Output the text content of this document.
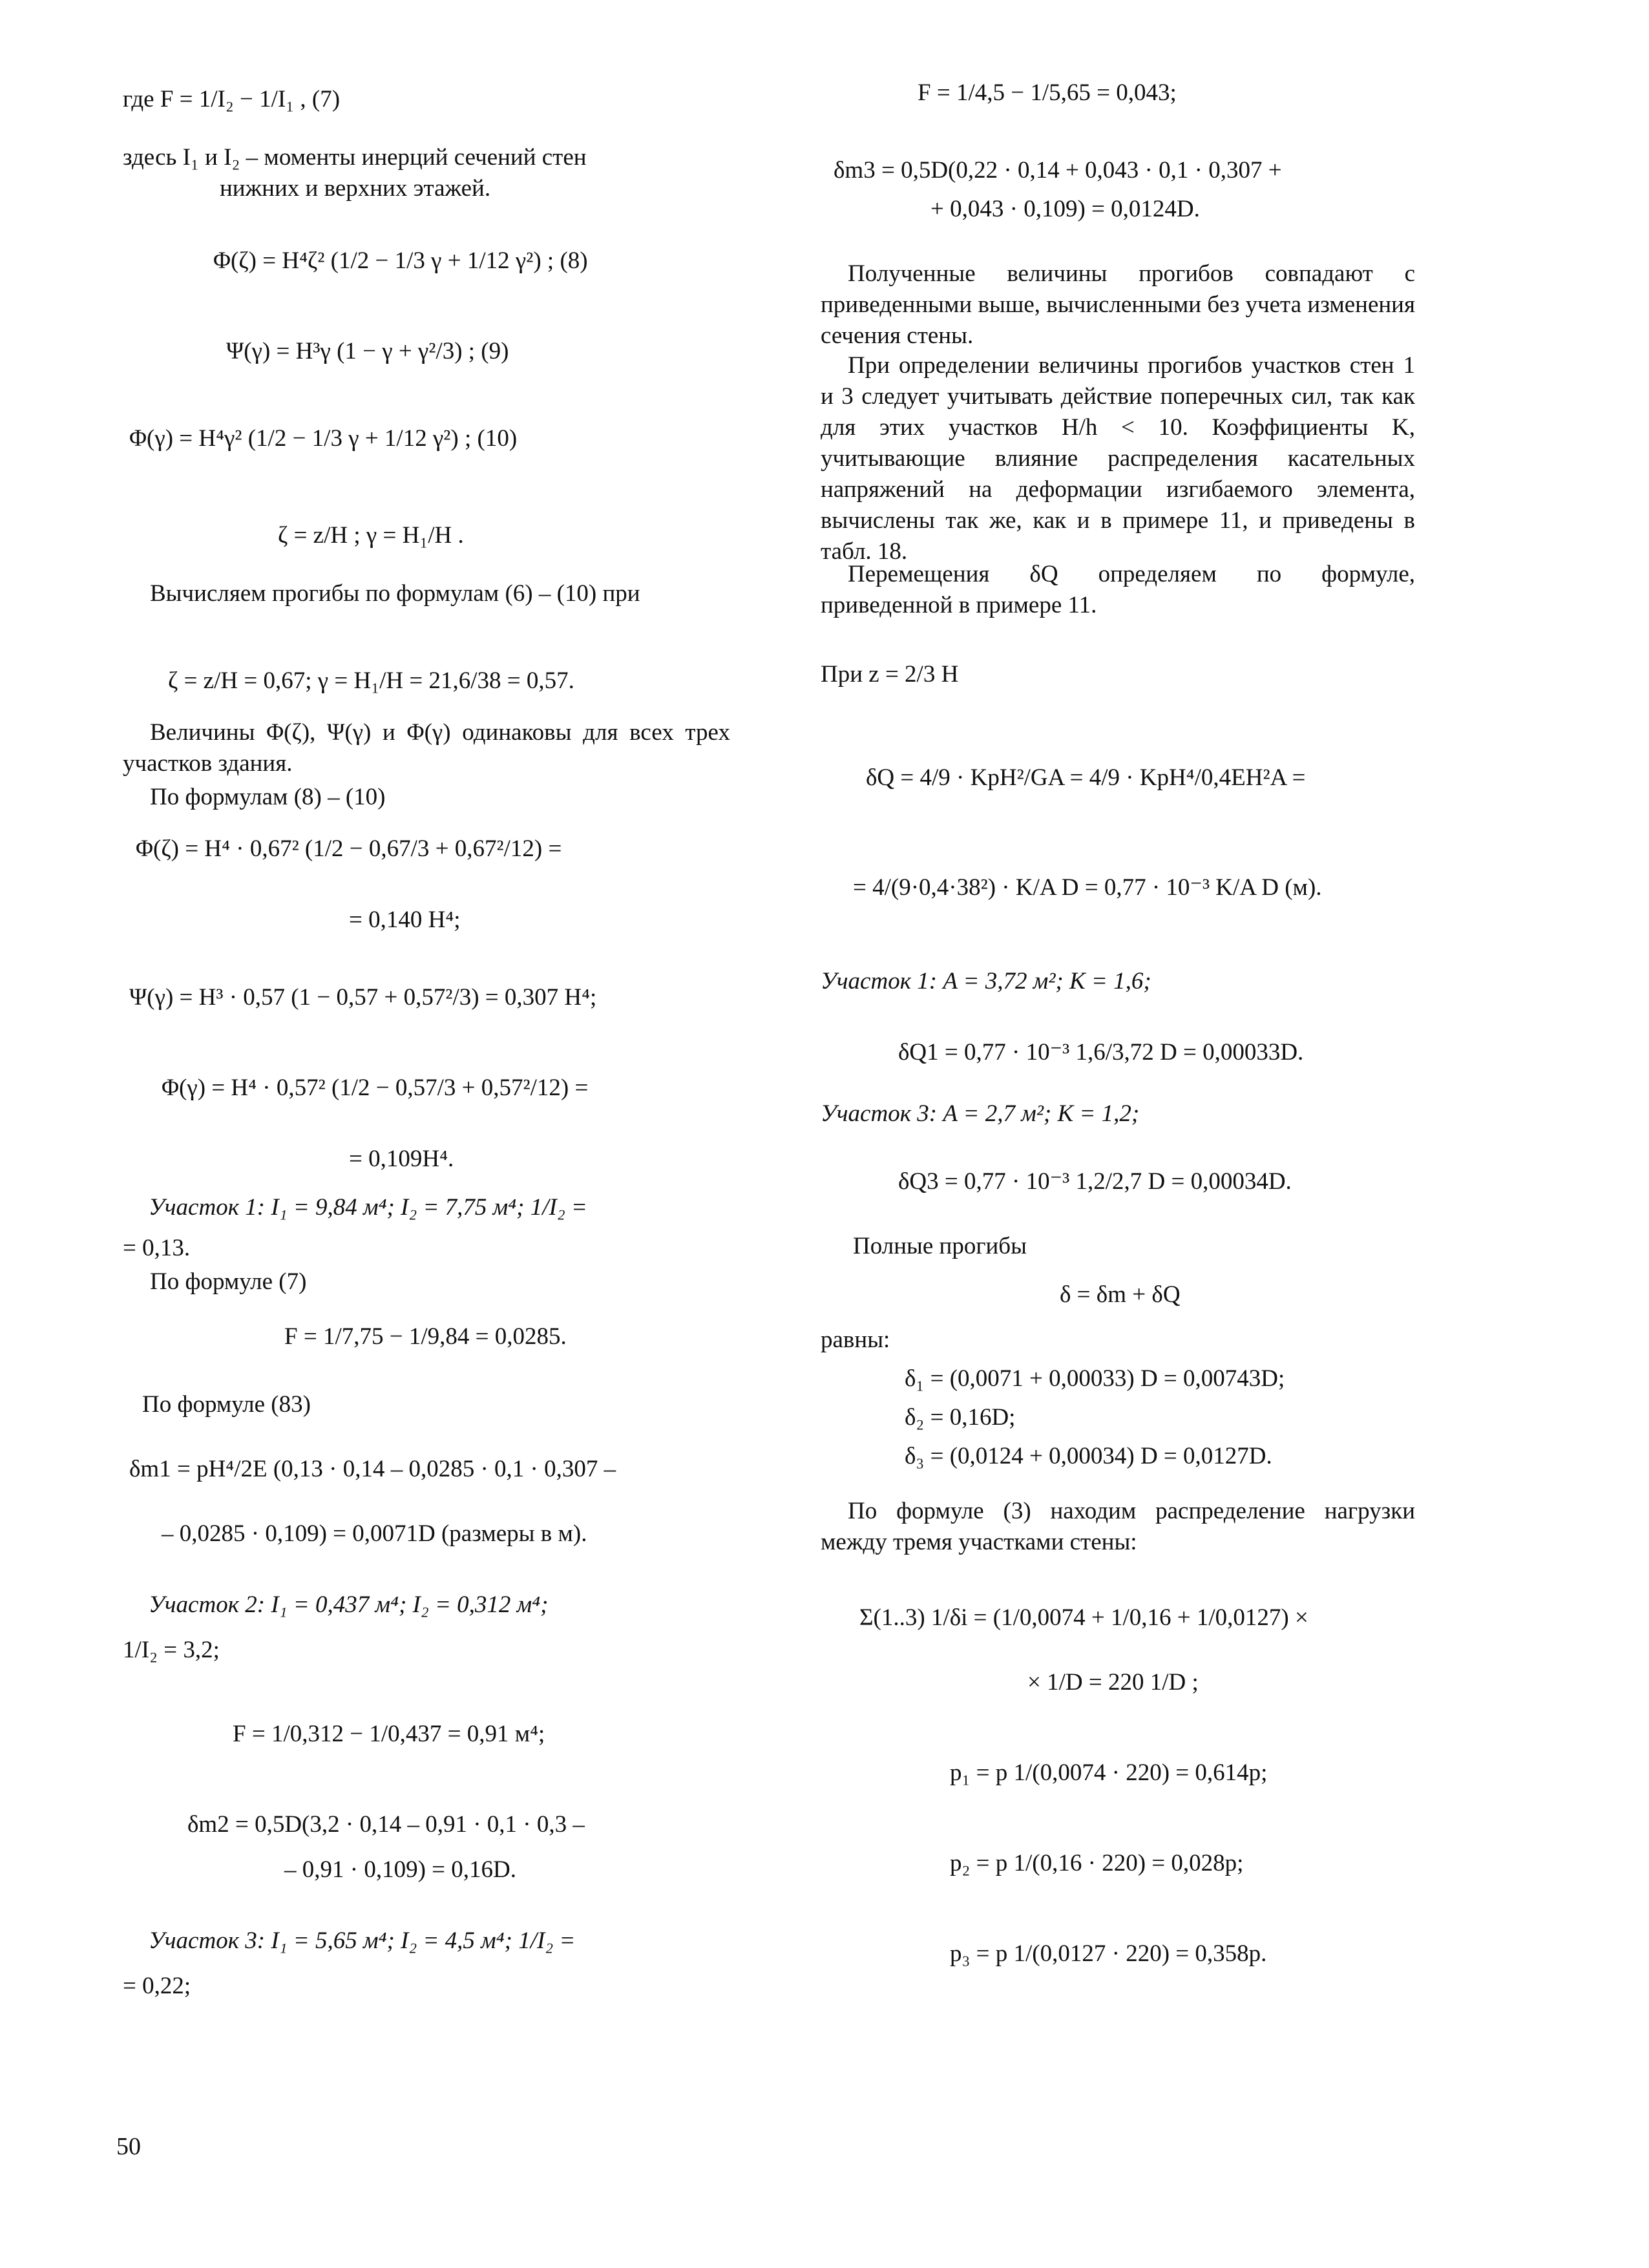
где F = 1/I₂ − 1/I₁ , (7)
здесь I₁ и I₂ – моменты инерций сечений стен
нижних и верхних этажей.
Φ(ζ) = H⁴ζ² (1/2 − 1/3 γ + 1/12 γ²) ; (8)
Ψ(γ) = H³γ (1 − γ + γ²/3) ; (9)
Φ(γ) = H⁴γ² (1/2 − 1/3 γ + 1/12 γ²) ; (10)
ζ = z/H ; γ = H₁/H .
Вычисляем прогибы по формулам (6) – (10) при
ζ = z/H = 0,67; γ = H₁/H = 21,6/38 = 0,57.
Величины Φ(ζ), Ψ(γ) и Φ(γ) одинаковы для всех трех участков здания.
По формулам (8) – (10)
Φ(ζ) = H⁴ · 0,67² (1/2 − 0,67/3 + 0,67²/12) =
= 0,140 H⁴;
Ψ(γ) = H³ · 0,57 (1 − 0,57 + 0,57²/3) = 0,307 H⁴;
Φ(γ) = H⁴ · 0,57² (1/2 − 0,57/3 + 0,57²/12) =
= 0,109H⁴.
Участок 1: I₁ = 9,84 м⁴; I₂ = 7,75 м⁴; 1/I₂ =
= 0,13.
По формуле (7)
F = 1/7,75 − 1/9,84 = 0,0285.
По формуле (83)
δm1 = pH⁴/2E (0,13 · 0,14 – 0,0285 · 0,1 · 0,307 –
– 0,0285 · 0,109) = 0,0071D (размеры в м).
Участок 2: I₁ = 0,437 м⁴; I₂ = 0,312 м⁴;
1/I₂ = 3,2;
F = 1/0,312 − 1/0,437 = 0,91 м⁴;
δm2 = 0,5D(3,2 · 0,14 – 0,91 · 0,1 · 0,3 –
– 0,91 · 0,109) = 0,16D.
Участок 3: I₁ = 5,65 м⁴; I₂ = 4,5 м⁴; 1/I₂ =
= 0,22;
F = 1/4,5 − 1/5,65 = 0,043;
δm3 = 0,5D(0,22 · 0,14 + 0,043 · 0,1 · 0,307 +
+ 0,043 · 0,109) = 0,0124D.
Полученные величины прогибов совпадают с приведенными выше, вычисленными без учета изменения сечения стены.
При определении величины прогибов участков стен 1 и 3 следует учитывать действие поперечных сил, так как для этих участков H/h < 10. Коэффициенты K, учитывающие влияние распределения касательных напряжений на деформации изгибаемого элемента, вычислены так же, как и в примере 11, и приведены в табл. 18.
Перемещения δQ определяем по формуле, приведенной в примере 11.
При z = 2/3 H
δQ = 4/9 · KpH²/GA = 4/9 · KpH⁴/0,4EH²A =
= 4/(9·0,4·38²) · K/A D = 0,77 · 10⁻³ K/A D (м).
Участок 1: A = 3,72 м²; K = 1,6;
δQ1 = 0,77 · 10⁻³ 1,6/3,72 D = 0,00033D.
Участок 3: A = 2,7 м²; K = 1,2;
δQ3 = 0,77 · 10⁻³ 1,2/2,7 D = 0,00034D.
Полные прогибы
δ = δm + δQ
равны:
δ₁ = (0,0071 + 0,00033) D = 0,00743D;
δ₂ = 0,16D;
δ₃ = (0,0124 + 0,00034) D = 0,0127D.
По формуле (3) находим распределение нагрузки между тремя участками стены:
Σ(1..3) 1/δi = (1/0,0074 + 1/0,16 + 1/0,0127) ×
× 1/D = 220 1/D ;
p₁ = p 1/(0,0074 · 220) = 0,614p;
p₂ = p 1/(0,16 · 220) = 0,028p;
p₃ = p 1/(0,0127 · 220) = 0,358p.
50
